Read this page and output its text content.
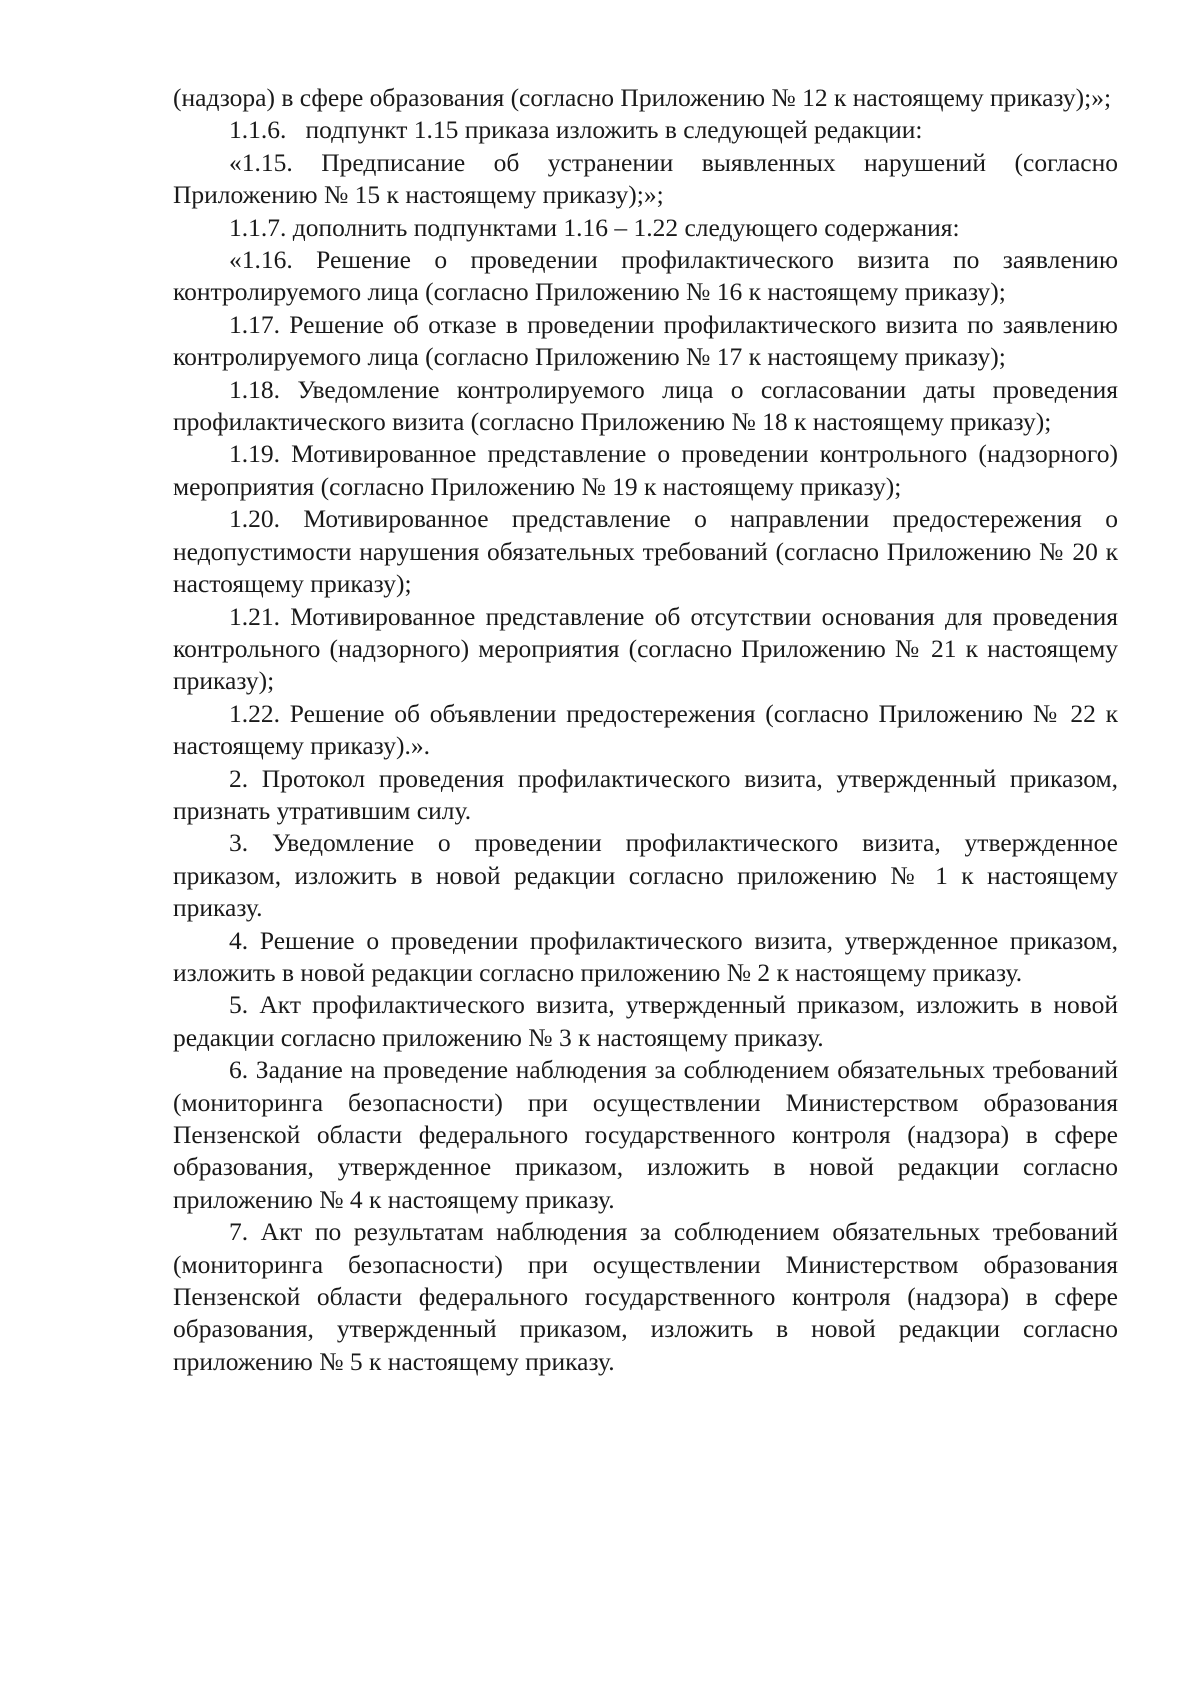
(надзора) в сфере образования (согласно Приложению № 12 к настоящему приказу);»;

1.1.6.   подпункт 1.15 приказа изложить в следующей редакции:

«1.15. Предписание об устранении выявленных нарушений (согласно Приложению № 15 к настоящему приказу);»;

1.1.7. дополнить подпунктами 1.16 – 1.22 следующего содержания:

«1.16. Решение о проведении профилактического визита по заявлению контролируемого лица (согласно Приложению № 16 к настоящему приказу);

1.17. Решение об отказе в проведении профилактического визита по заявлению контролируемого лица (согласно Приложению № 17 к настоящему приказу);

1.18. Уведомление контролируемого лица о согласовании даты проведения профилактического визита (согласно Приложению № 18 к настоящему приказу);

1.19. Мотивированное представление о проведении контрольного (надзорного) мероприятия (согласно Приложению № 19 к настоящему приказу);

1.20. Мотивированное представление о направлении предостережения о недопустимости нарушения обязательных требований (согласно Приложению № 20 к настоящему приказу);

1.21. Мотивированное представление об отсутствии основания для проведения контрольного (надзорного) мероприятия (согласно Приложению № 21 к настоящему приказу);

1.22. Решение об объявлении предостережения (согласно Приложению № 22 к настоящему приказу).».

2. Протокол проведения профилактического визита, утвержденный приказом, признать утратившим силу.

3. Уведомление о проведении профилактического визита, утвержденное приказом, изложить в новой редакции согласно приложению № 1 к настоящему приказу.

4. Решение о проведении профилактического визита, утвержденное приказом, изложить в новой редакции согласно приложению № 2 к настоящему приказу.

5. Акт профилактического визита, утвержденный приказом, изложить в новой редакции согласно приложению № 3 к настоящему приказу.

6. Задание на проведение наблюдения за соблюдением обязательных требований (мониторинга безопасности) при осуществлении Министерством образования Пензенской области федерального государственного контроля (надзора) в сфере образования, утвержденное приказом, изложить в новой редакции согласно приложению № 4 к настоящему приказу.

7. Акт по результатам наблюдения за соблюдением обязательных требований (мониторинга безопасности) при осуществлении Министерством образования Пензенской области федерального государственного контроля (надзора) в сфере образования, утвержденный приказом, изложить в новой редакции согласно приложению № 5 к настоящему приказу.
